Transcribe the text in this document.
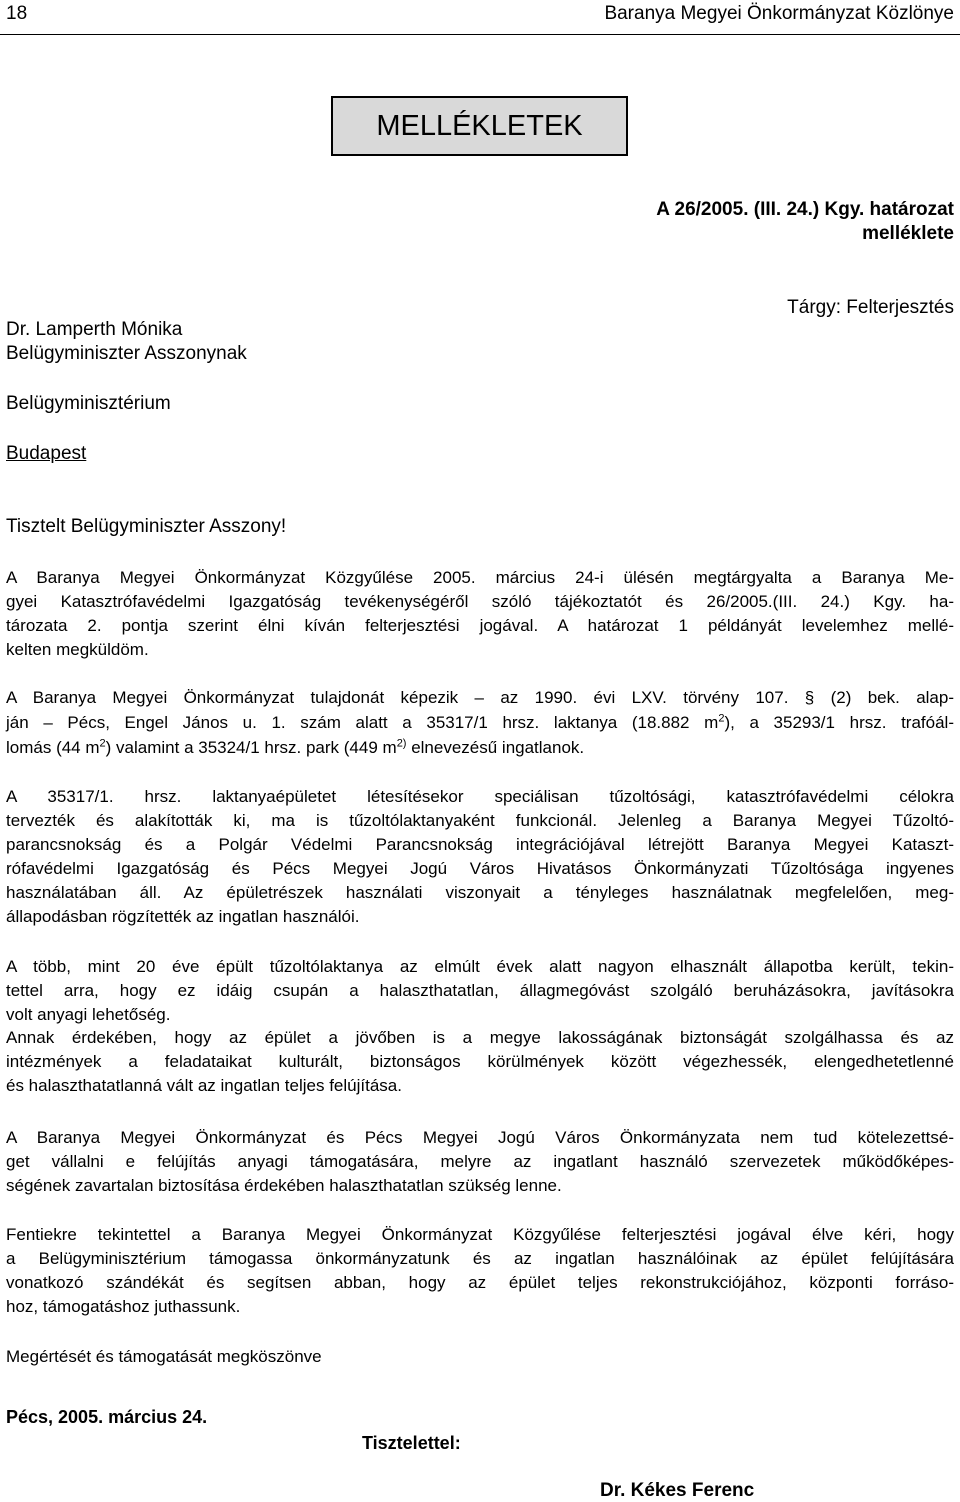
18	Baranya Megyei Önkormányzat Közlönye
MELLÉKLETEK
A 26/2005. (III. 24.) Kgy. határozat
melléklete
Tárgy: Felterjesztés
Dr. Lamperth Mónika
Belügyminiszter Asszonynak
Belügyminisztérium
Budapest
Tisztelt Belügyminiszter Asszony!
A Baranya Megyei Önkormányzat Közgyűlése 2005. március 24-i ülésén megtárgyalta a Baranya Me-
gyei Katasztrófavédelmi Igazgatóság tevékenységéről szóló tájékoztatót és 26/2005.(III. 24.) Kgy. ha-
tározata 2. pontja szerint élni kíván felterjesztési jogával. A határozat 1 példányát levelemhez mellé-
kelten megküldöm.
A Baranya Megyei Önkormányzat tulajdonát képezik – az 1990. évi LXV. törvény 107. § (2) bek. alap-
ján – Pécs, Engel János u. 1. szám alatt a 35317/1 hrsz. laktanya (18.882 $m^2$), a 35293/1 hrsz. trafóál-
lomás (44 $m^2$) valamint a 35324/1 hrsz. park (449 $m^{2)}$ elnevezésű ingatlanok.
A 35317/1. hrsz. laktanyaépületet létesítésekor speciálisan tűzoltósági, katasztrófavédelmi célokra
tervezték és alakították ki, ma is tűzoltólaktanyaként funkcionál. Jelenleg a Baranya Megyei Tűzoltó-
parancsnokság és a Polgár Védelmi Parancsnokság integrációjával létrejött Baranya Megyei Kataszt-
rófavédelmi Igazgatóság és Pécs Megyei Jogú Város Hivatásos Önkormányzati Tűzoltósága ingyenes
használatában áll. Az épületrészek használati viszonyait a tényleges használatnak megfelelően, meg-
állapodásban rögzítették az ingatlan használói.
A több, mint 20 éve épült tűzoltólaktanya az elmúlt évek alatt nagyon elhasznált állapotba került, tekin-
tettel arra, hogy ez idáig csupán a halaszthatatlan, állagmegóvást szolgáló beruházásokra, javításokra
volt anyagi lehetőség.
Annak érdekében, hogy az épület a jövőben is a megye lakosságának biztonságát szolgálhassa és az
intézmények a feladataikat kulturált, biztonságos körülmények között végezhessék, elengedhetetlenné
és halaszthatatlanná vált az ingatlan teljes felújítása.
A Baranya Megyei Önkormányzat és Pécs Megyei Jogú Város Önkormányzata nem tud kötelezettsé-
get vállalni e felújítás anyagi támogatására, melyre az ingatlant használó szervezetek működőképes-
ségének zavartalan biztosítása érdekében halaszthatatlan szükség lenne.
Fentiekre tekintettel a Baranya Megyei Önkormányzat Közgyűlése felterjesztési jogával élve kéri, hogy
a Belügyminisztérium támogassa önkormányzatunk és az ingatlan használóinak az épület felújítására
vonatkozó szándékát és segítsen abban, hogy az épület teljes rekonstrukciójához, központi forráso-
hoz, támogatáshoz juthassunk.
Megértését és támogatását megköszönve
Pécs, 2005. március 24.
Tisztelettel:
Dr. Kékes Ferenc
